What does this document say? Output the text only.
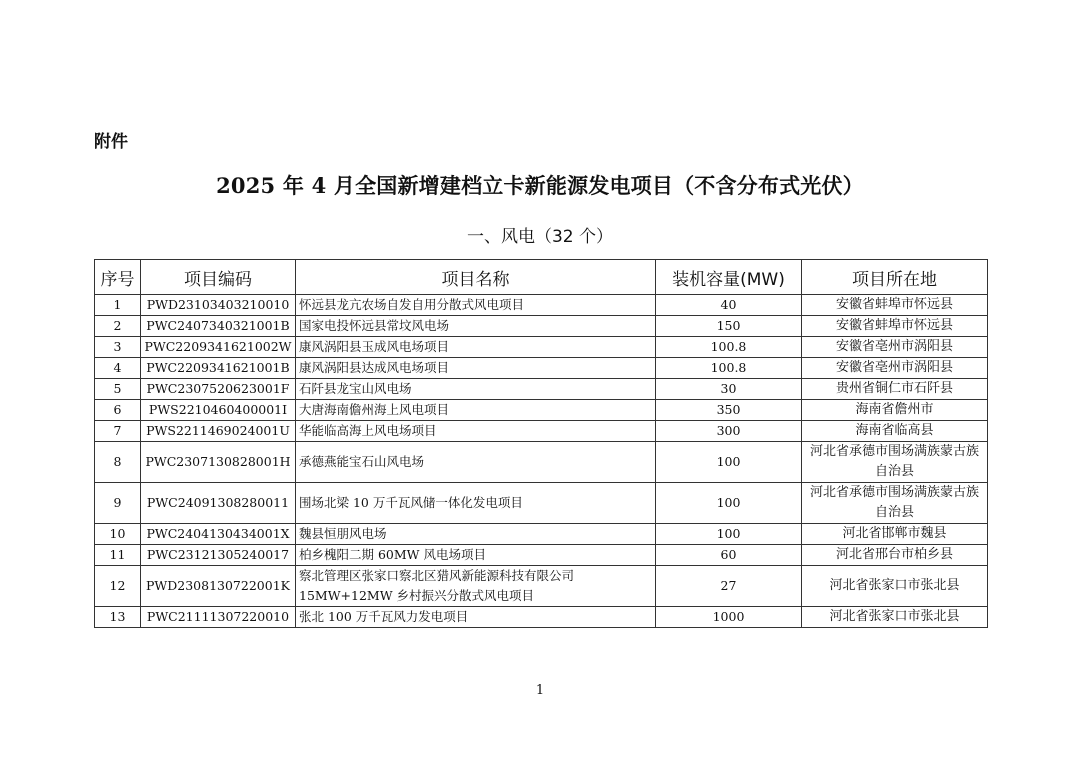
附件
2025 年 4 月全国新增建档立卡新能源发电项目（不含分布式光伏）
一、风电（32 个）
序号	项目编码	项目名称	装机容量(MW)	项目所在地
1	PWD23103403210010	怀远县龙亢农场自发自用分散式风电项目	40	安徽省蚌埠市怀远县
2	PWC2407340321001B	国家电投怀远县常坟风电场	150	安徽省蚌埠市怀远县
3	PWC2209341621002W	康风涡阳县玉成风电场项目	100.8	安徽省亳州市涡阳县
4	PWC2209341621001B	康风涡阳县达成风电场项目	100.8	安徽省亳州市涡阳县
5	PWC2307520623001F	石阡县龙宝山风电场	30	贵州省铜仁市石阡县
6	PWS2210460400001I	大唐海南儋州海上风电项目	350	海南省儋州市
7	PWS2211469024001U	华能临高海上风电场项目	300	海南省临高县
8	PWC2307130828001H	承德燕能宝石山风电场	100	河北省承德市围场满族蒙古族自治县
9	PWC24091308280011	围场北梁 10 万千瓦风储一体化发电项目	100	河北省承德市围场满族蒙古族自治县
10	PWC2404130434001X	魏县恒朋风电场	100	河北省邯郸市魏县
11	PWC23121305240017	柏乡槐阳二期 60MW 风电场项目	60	河北省邢台市柏乡县
12	PWD2308130722001K	察北管理区张家口察北区猎风新能源科技有限公司 15MW+12MW 乡村振兴分散式风电项目	27	河北省张家口市张北县
13	PWC21111307220010	张北 100 万千瓦风力发电项目	1000	河北省张家口市张北县
1
